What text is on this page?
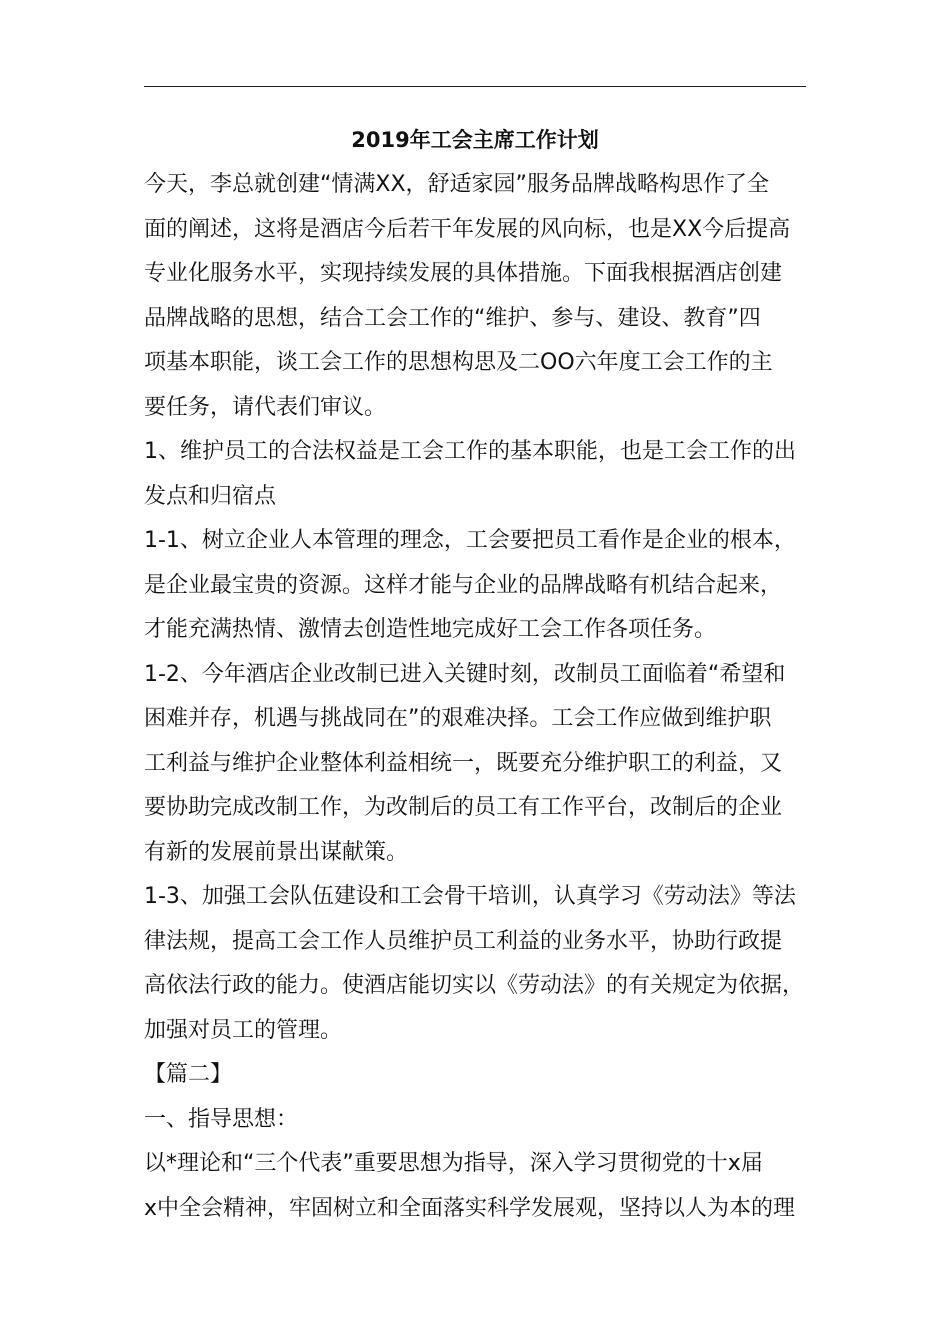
2019年工会主席工作计划
今天，李总就创建“情满XX，舒适家园”服务品牌战略构思作了全
面的阐述，这将是酒店今后若干年发展的风向标，也是XX今后提高
专业化服务水平，实现持续发展的具体措施。下面我根据酒店创建
品牌战略的思想，结合工会工作的“维护、参与、建设、教育”四
项基本职能，谈工会工作的思想构思及二OO六年度工会工作的主
要任务，请代表们审议。
1、维护员工的合法权益是工会工作的基本职能，也是工会工作的出
发点和归宿点
1-1、树立企业人本管理的理念，工会要把员工看作是企业的根本，
是企业最宝贵的资源。这样才能与企业的品牌战略有机结合起来，
才能充满热情、激情去创造性地完成好工会工作各项任务。
1-2、今年酒店企业改制已进入关键时刻，改制员工面临着“希望和
困难并存，机遇与挑战同在”的艰难决择。工会工作应做到维护职
工利益与维护企业整体利益相统一，既要充分维护职工的利益，又
要协助完成改制工作，为改制后的员工有工作平台，改制后的企业
有新的发展前景出谋献策。
1-3、加强工会队伍建设和工会骨干培训，认真学习《劳动法》等法
律法规，提高工会工作人员维护员工利益的业务水平，协助行政提
高依法行政的能力。使酒店能切实以《劳动法》的有关规定为依据，
加强对员工的管理。
【篇二】
一、指导思想：
以*理论和“三个代表”重要思想为指导，深入学习贯彻党的十x届
x中全会精神，牢固树立和全面落实科学发展观，坚持以人为本的理
